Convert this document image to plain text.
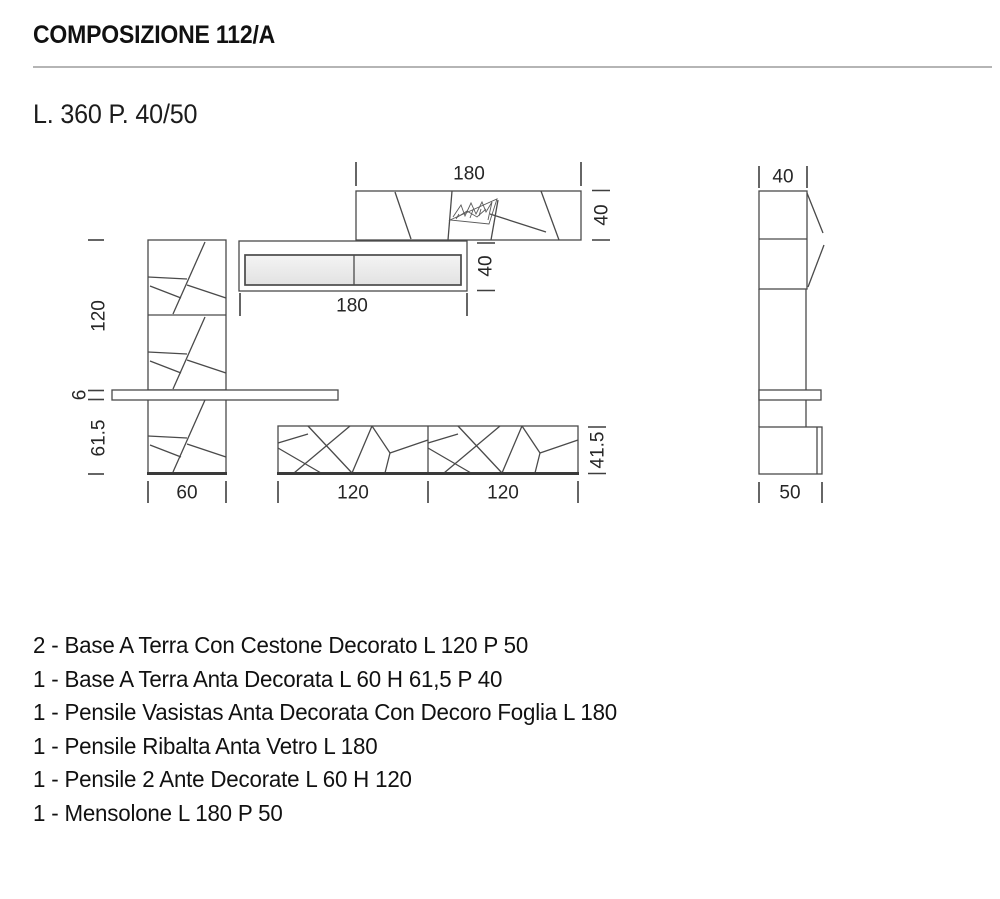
COMPOSIZIONE 112/A
L. 360 P. 40/50
180
40
40
180
120
6
61.5
60	120	120
41.5
40
50
2 - Base A Terra Con Cestone Decorato L 120 P 50
1 - Base A Terra Anta Decorata L 60 H 61,5 P 40
1 - Pensile Vasistas Anta Decorata Con Decoro Foglia L 180
1 - Pensile Ribalta Anta Vetro L 180
1 - Pensile 2 Ante Decorate L 60 H 120
1 - Mensolone L 180 P 50
